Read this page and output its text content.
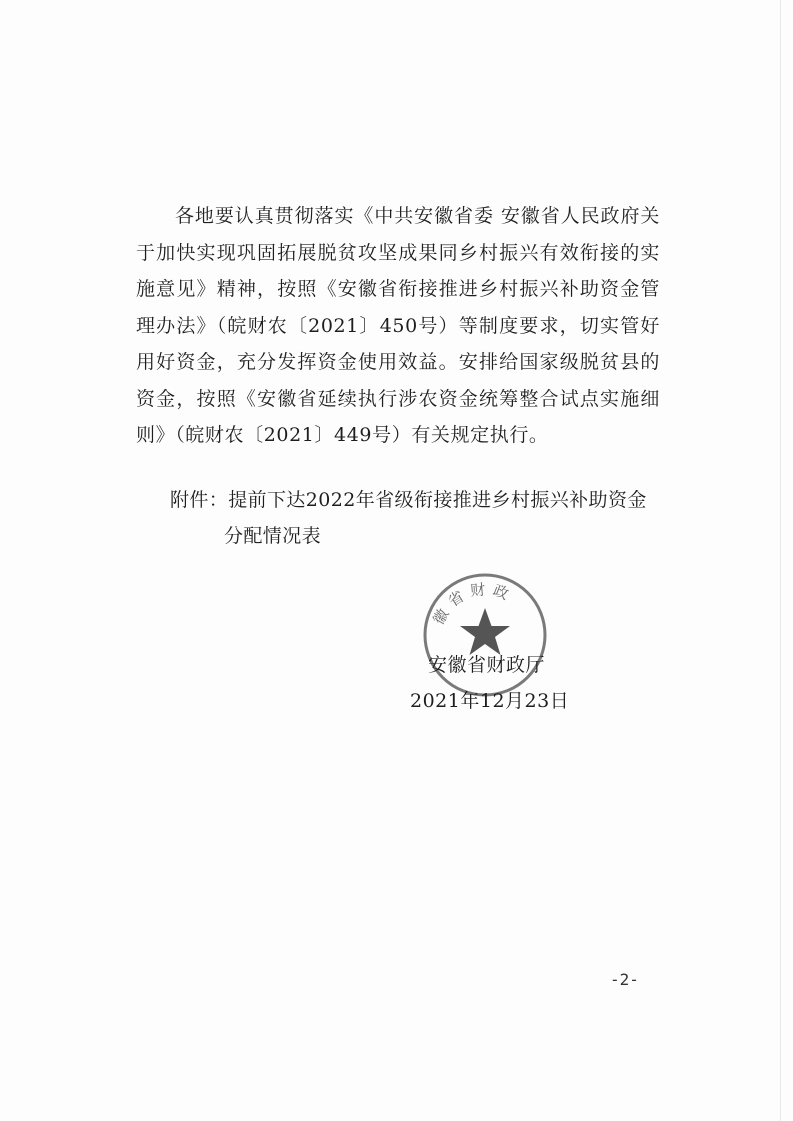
各地要认真贯彻落实《中共安徽省委 安徽省人民政府关于加快实现巩固拓展脱贫攻坚成果同乡村振兴有效衔接的实施意见》精神，按照《安徽省衔接推进乡村振兴补助资金管理办法》（皖财农〔2021〕450号）等制度要求，切实管好用好资金，充分发挥资金使用效益。安排给国家级脱贫县的资金，按照《安徽省延续执行涉农资金统筹整合试点实施细则》（皖财农〔2021〕449号）有关规定执行。

附件：提前下达2022年省级衔接推进乡村振兴补助资金
分配情况表
徽省财政
安徽省财政厅
2021年12月23日
-2-
